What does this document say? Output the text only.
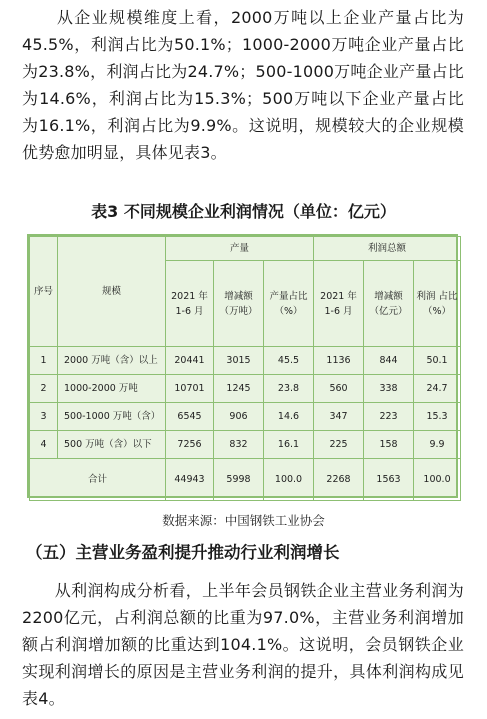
　　从企业规模维度上看，2000万吨以上企业产量占比为45.5%，利润占比为50.1%；1000-2000万吨企业产量占比为23.8%，利润占比为24.7%；500-1000万吨企业产量占比为14.6%，利润占比为15.3%；500万吨以下企业产量占比为16.1%，利润占比为9.9%。这说明，规模较大的企业规模优势愈加明显，具体见表3。
表3 不同规模企业利润情况（单位：亿元）
序号	规模	产量			利润总额		
		2021 年 1-6 月	增减额 （万吨）	产量占比 （%）	2021 年 1-6 月	增减额 （亿元）	利润 占比 （%）
1	2000 万吨（含）以上	20441	3015	45.5	1136	844	50.1
2	1000-2000 万吨	10701	1245	23.8	560	338	24.7
3	500-1000 万吨（含）	6545	906	14.6	347	223	15.3
4	500 万吨（含）以下	7256	832	16.1	225	158	9.9
合计		44943	5998	100.0	2268	1563	100.0
数据来源：中国钢铁工业协会
（五）主营业务盈利提升推动行业利润增长
　　从利润构成分析看，上半年会员钢铁企业主营业务利润为2200亿元，占利润总额的比重为97.0%，主营业务利润增加额占利润增加额的比重达到104.1%。这说明，会员钢铁企业实现利润增长的原因是主营业务利润的提升，具体利润构成见表4。
